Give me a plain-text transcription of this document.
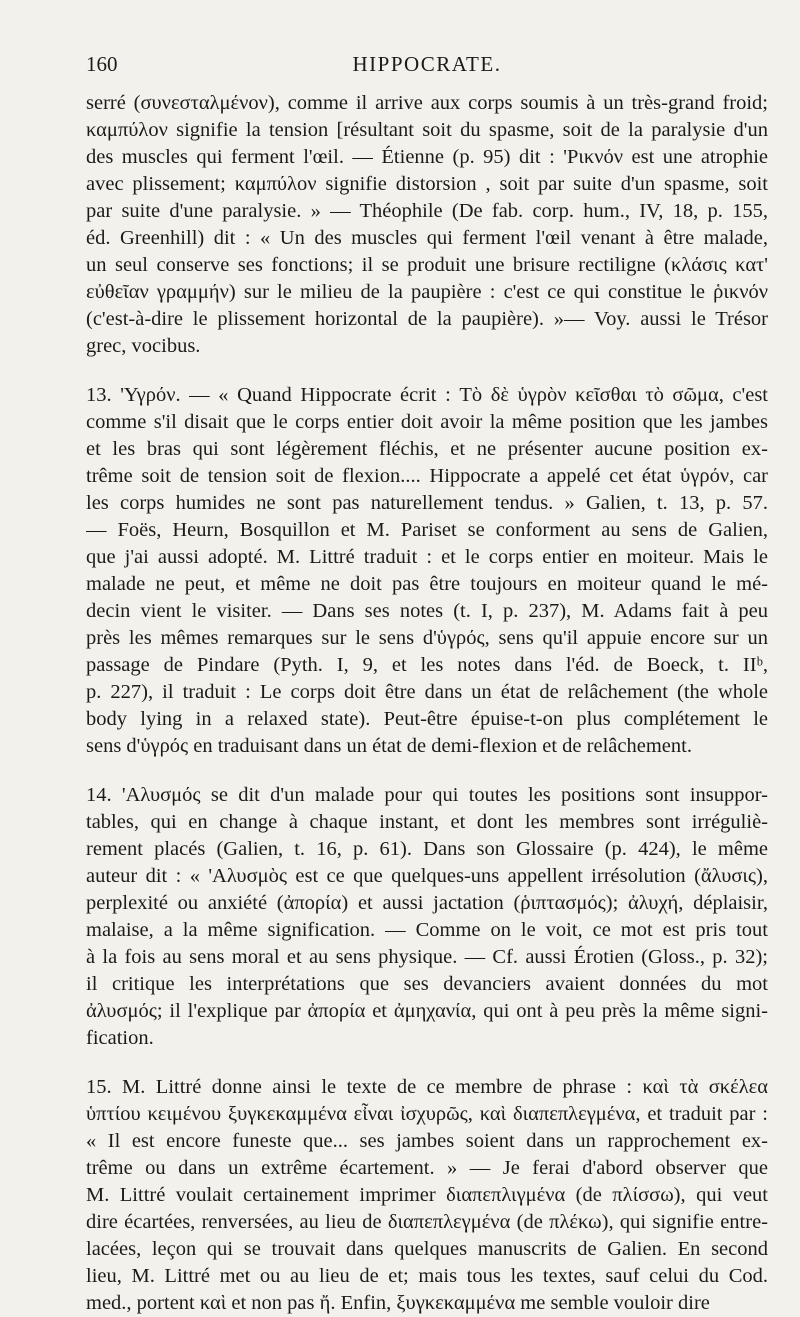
160	HIPPOCRATE.

serré (συνεσταλμένον), comme il arrive aux corps soumis à un très-grand froid;
καμπύλον signifie la tension [résultant soit du spasme, soit de la paralysie d'un
des muscles qui ferment l'œil. — Étienne (p. 95) dit : 'Ρικνόν est une atrophie
avec plissement; καμπύλον signifie distorsion , soit par suite d'un spasme, soit
par suite d'une paralysie. » — Théophile (De fab. corp. hum., IV, 18, p. 155,
éd. Greenhill) dit : « Un des muscles qui ferment l'œil venant à être malade,
un seul conserve ses fonctions; il se produit une brisure rectiligne (κλάσις κατ'
εὐθεῖαν γραμμήν) sur le milieu de la paupière : c'est ce qui constitue le ῥικνόν
(c'est-à-dire le plissement horizontal de la paupière). »— Voy. aussi le Trésor
grec, vocibus.

13. 'Υγρόν. — « Quand Hippocrate écrit : Τὸ δὲ ὑγρὸν κεῖσθαι τὸ σῶμα, c'est
comme s'il disait que le corps entier doit avoir la même position que les jambes
et les bras qui sont légèrement fléchis, et ne présenter aucune position ex-
trême soit de tension soit de flexion.... Hippocrate a appelé cet état ὑγρόν, car
les corps humides ne sont pas naturellement tendus. » Galien, t. 13, p. 57.
— Foës, Heurn, Bosquillon et M. Pariset se conforment au sens de Galien,
que j'ai aussi adopté. M. Littré traduit : et le corps entier en moiteur. Mais le
malade ne peut, et même ne doit pas être toujours en moiteur quand le mé-
decin vient le visiter. — Dans ses notes (t. I, p. 237), M. Adams fait à peu
près les mêmes remarques sur le sens d'ὑγρός, sens qu'il appuie encore sur un
passage de Pindare (Pyth. I, 9, et les notes dans l'éd. de Boeck, t. IIᵇ,
p. 227), il traduit : Le corps doit être dans un état de relâchement (the whole
body lying in a relaxed state). Peut-être épuise-t-on plus complétement le
sens d'ὑγρός en traduisant dans un état de demi-flexion et de relâchement.

14. 'Αλυσμός se dit d'un malade pour qui toutes les positions sont insuppor-
tables, qui en change à chaque instant, et dont les membres sont irréguliè-
rement placés (Galien, t. 16, p. 61). Dans son Glossaire (p. 424), le même
auteur dit : « 'Αλυσμὸς est ce que quelques-uns appellent irrésolution (ἄλυσις),
perplexité ou anxiété (ἀπορία) et aussi jactation (ῥιπτασμός); ἀλυχή, déplaisir,
malaise, a la même signification. — Comme on le voit, ce mot est pris tout
à la fois au sens moral et au sens physique. — Cf. aussi Érotien (Gloss., p. 32);
il critique les interprétations que ses devanciers avaient données du mot
ἀλυσμός; il l'explique par ἀπορία et ἀμηχανία, qui ont à peu près la même signi-
fication.

15. M. Littré donne ainsi le texte de ce membre de phrase : καὶ τὰ σκέλεα
ὑπτίου κειμένου ξυγκεκαμμένα εἶναι ἰσχυρῶς, καὶ διαπεπλεγμένα, et traduit par :
« Il est encore funeste que... ses jambes soient dans un rapprochement ex-
trême ou dans un extrême écartement. » — Je ferai d'abord observer que
M. Littré voulait certainement imprimer διαπεπλιγμένα (de πλίσσω), qui veut
dire écartées, renversées, au lieu de διαπεπλεγμένα (de πλέκω), qui signifie entre-
lacées, leçon qui se trouvait dans quelques manuscrits de Galien. En second
lieu, M. Littré met ou au lieu de et; mais tous les textes, sauf celui du Cod.
med., portent καὶ et non pas ἤ. Enfin, ξυγκεκαμμένα me semble vouloir dire
